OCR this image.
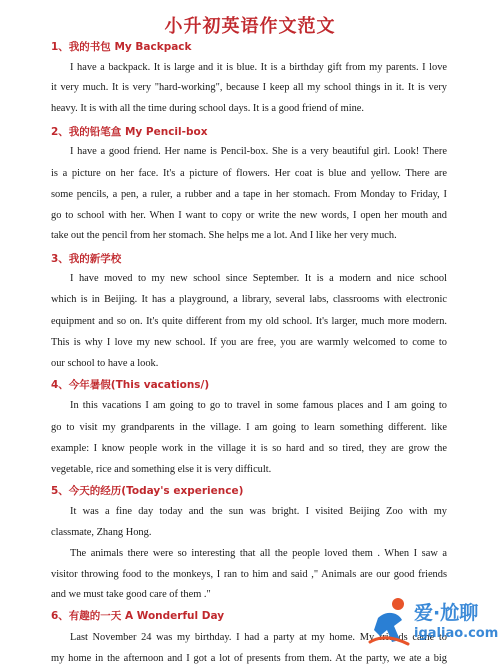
小升初英语作文范文
1、我的书包 My Backpack
I have a backpack. It is large and it is blue. It is a birthday gift from my parents. I love
it very much. It is very "hard-working", because I keep all my school things in it. It is very
heavy. It is with all the time during school days. It is a good friend of mine.
2、我的铅笔盒 My Pencil-box
I have a good friend. Her name is Pencil-box. She is a very beautiful girl. Look! There
is a picture on her face. It's a picture of flowers. Her coat is blue and yellow. There are
some pencils, a pen, a ruler, a rubber and a tape in her stomach. From Monday to Friday, I
go to school with her. When I want to copy or write the new words, I open her mouth and
take out the pencil from her stomach. She helps me a lot. And I like her very much.
3、我的新学校
I have moved to my new school since September. It is a modern and nice school
which is in Beijing. It has a playground, a library, several labs, classrooms with electronic
equipment and so on. It's quite different from my old school. It's larger, much more modern.
This is why I love my new school. If you are free, you are warmly welcomed to come to
our school to have a look.
4、今年暑假(This vacations/)
In this vacations I am going to go to travel in some famous places and I am going to
go to visit my grandparents in the village. I am going to learn something different. like
example: I know people work in the village it is so hard and so tired, they are grow the
vegetable, rice and something else it is very difficult.
5、今天的经历(Today's experience)
It was a fine day today and the sun was bright. I visited Beijing Zoo with my
classmate, Zhang Hong.
The animals there were so interesting that all the people loved them . When I saw a
visitor throwing food to the monkeys, I ran to him and said ," Animals are our good friends
and we must take good care of them ."
6、有趣的一天 A Wonderful Day
Last November 24 was my birthday. I had a party at my home. My friends came to
my home in the afternoon and I got a lot of presents from them. At the party, we ate a big
爱·尬聊
igaliao.com
